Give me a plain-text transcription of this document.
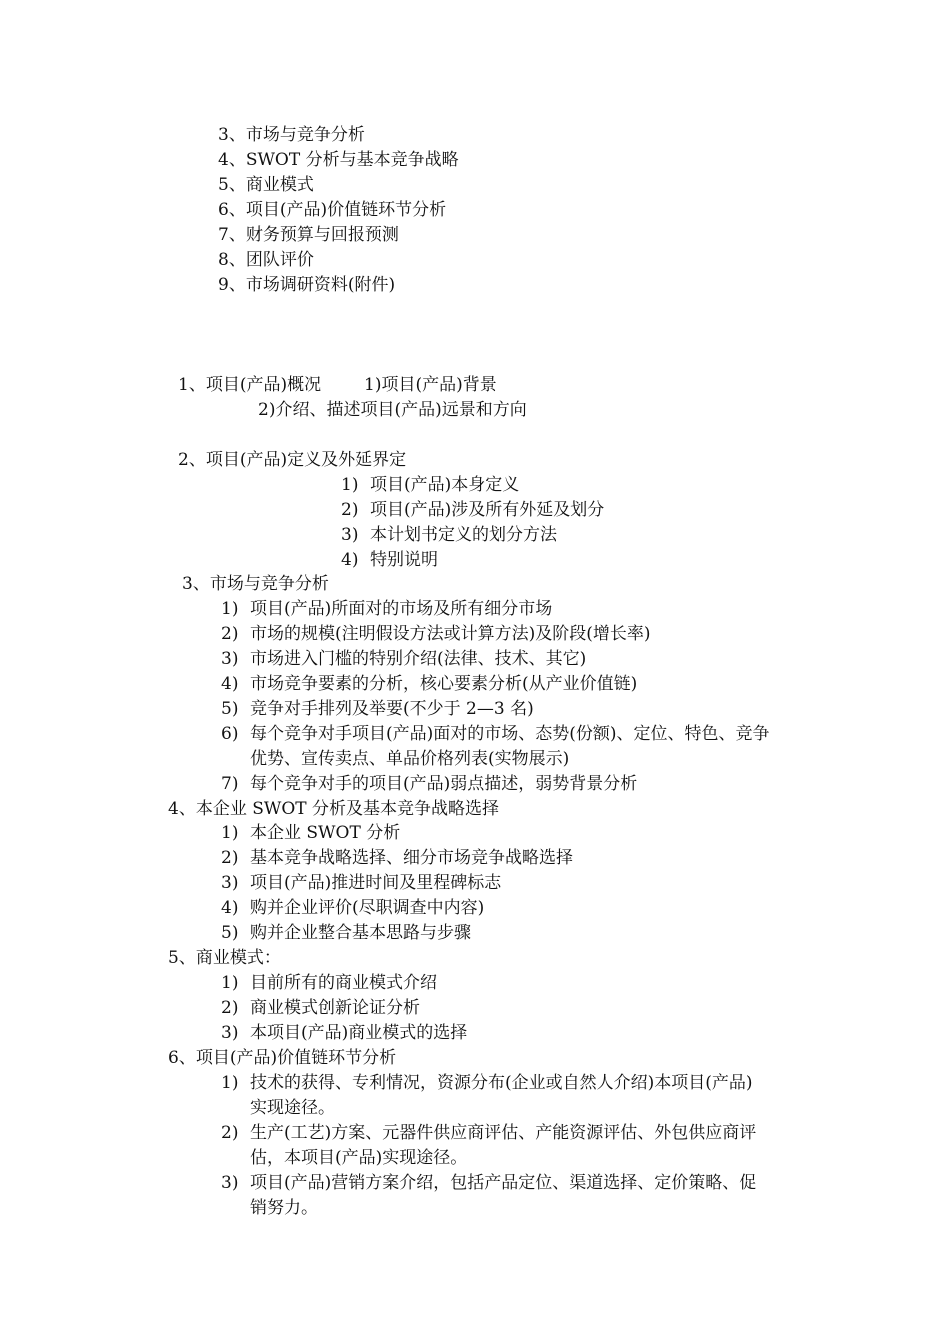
3、市场与竞争分析
4、SWOT 分析与基本竞争战略
5、商业模式
6、项目(产品)价值链环节分析
7、财务预算与回报预测
8、团队评价
9、市场调研资料(附件)
1、项目(产品)概况	1)项目(产品)背景
2)介绍、描述项目(产品)远景和方向
2、项目(产品)定义及外延界定
1) 项目(产品)本身定义
2) 项目(产品)涉及所有外延及划分
3) 本计划书定义的划分方法
4) 特别说明
3、市场与竞争分析
1) 项目(产品)所面对的市场及所有细分市场
2) 市场的规模(注明假设方法或计算方法)及阶段(增长率)
3) 市场进入门槛的特别介绍(法律、技术、其它)
4) 市场竞争要素的分析，核心要素分析(从产业价值链)
5) 竞争对手排列及举要(不少于 2—3 名)
6) 每个竞争对手项目(产品)面对的市场、态势(份额)、定位、特色、竞争
优势、宣传卖点、单品价格列表(实物展示)
7) 每个竞争对手的项目(产品)弱点描述，弱势背景分析
4、本企业 SWOT 分析及基本竞争战略选择
1) 本企业 SWOT 分析
2) 基本竞争战略选择、细分市场竞争战略选择
3) 项目(产品)推进时间及里程碑标志
4) 购并企业评价(尽职调查中内容)
5) 购并企业整合基本思路与步骤
5、商业模式：
1) 目前所有的商业模式介绍
2) 商业模式创新论证分析
3) 本项目(产品)商业模式的选择
6、项目(产品)价值链环节分析
1) 技术的获得、专利情况，资源分布(企业或自然人介绍)本项目(产品)
实现途径。
2) 生产(工艺)方案、元器件供应商评估、产能资源评估、外包供应商评
估，本项目(产品)实现途径。
3) 项目(产品)营销方案介绍，包括产品定位、渠道选择、定价策略、促
销努力。
